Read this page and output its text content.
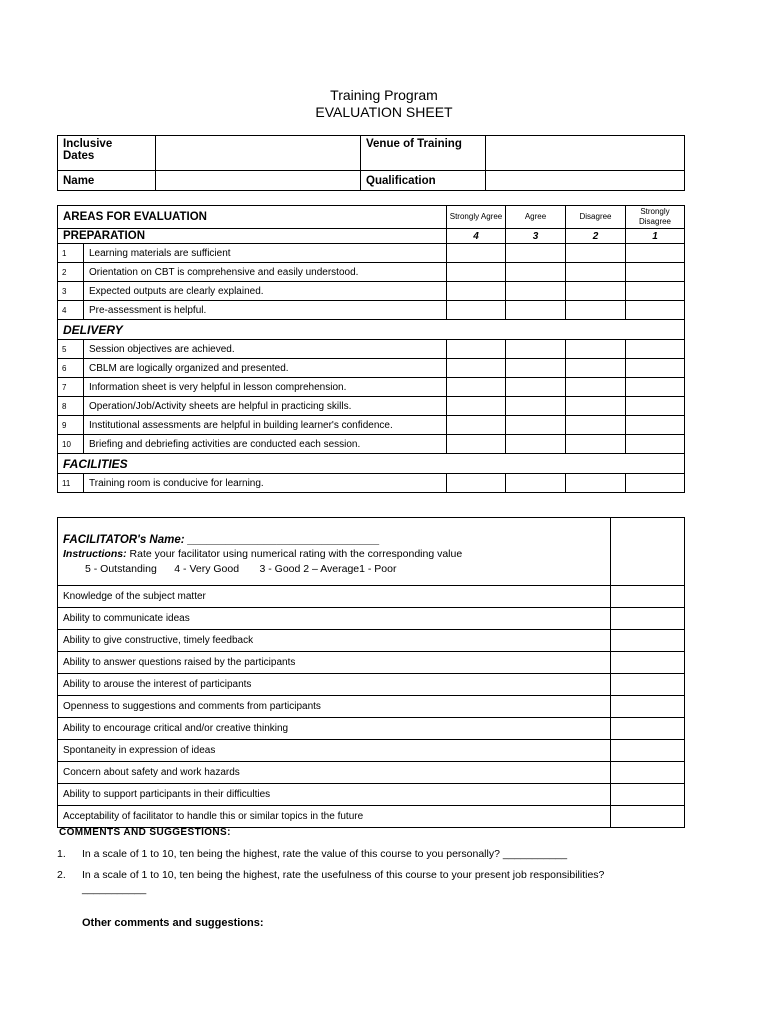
Training Program
EVALUATION SHEET
Inclusive
Dates		Venue of Training	
Name		Qualification	
AREAS FOR EVALUATION		Strongly Agree	Agree	Disagree	Strongly Disagree
PREPARATION		4	3	2	1
1	Learning materials are sufficient				
2	Orientation on CBT is comprehensive and easily understood.				
3	Expected outputs are clearly explained.				
4	Pre-assessment is helpful.				
DELIVERY					
5	Session objectives are achieved.				
6	CBLM are logically organized and presented.				
7	Information sheet is very helpful in lesson comprehension.				
8	Operation/Job/Activity sheets are helpful in practicing skills.				
9	Institutional assessments are helpful in building learner's confidence.				
10	Briefing and debriefing activities are conducted each session.				
FACILITIES					
11	Training room is conducive for learning.				
FACILITATOR's Name: ______________________________
Instructions: Rate your facilitator using numerical rating with the corresponding value
5 - Outstanding      4 - Very Good       3 - Good 2 – Average1 - Poor	

Knowledge of the subject matter	
Ability to communicate ideas	
Ability to give constructive, timely feedback	
Ability to answer questions raised by the participants	
Ability to arouse the interest of participants	
Openness to suggestions and comments from participants	
Ability to encourage critical and/or creative thinking	
Spontaneity in expression of ideas	
Concern about safety and work hazards	
Ability to support participants in their difficulties	
Acceptability of facilitator to handle this or similar topics in the future	
COMMENTS AND SUGGESTIONS:
1. In a scale of 1 to 10, ten being the highest, rate the value of this course to you personally? ___________
2. In a scale of 1 to 10, ten being the highest, rate the usefulness of this course to your present job responsibilities?
___________
Other comments and suggestions:
